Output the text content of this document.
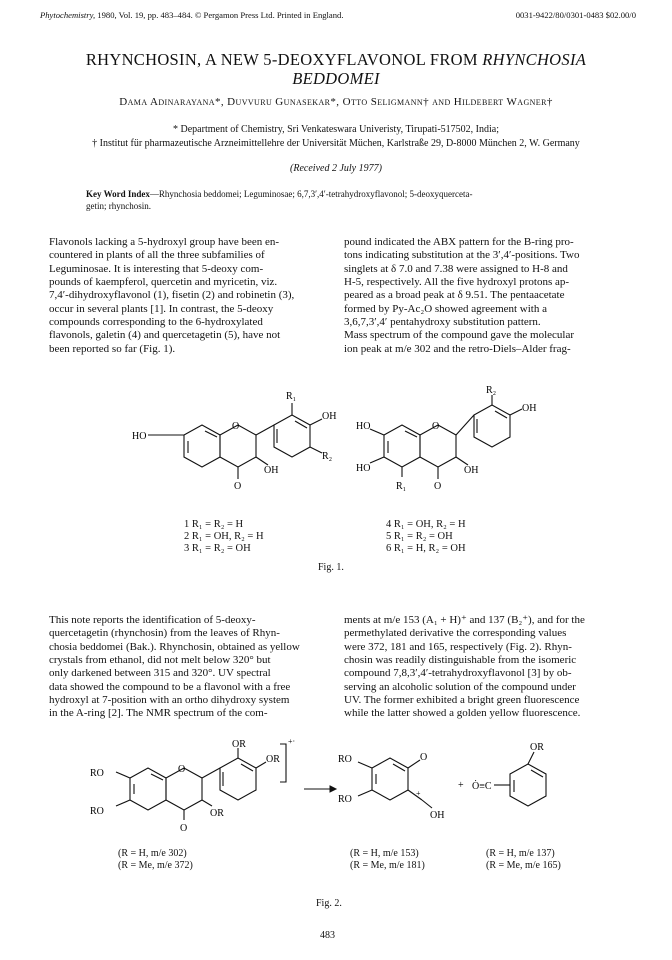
Phytochemistry, 1980, Vol. 19, pp. 483–484. © Pergamon Press Ltd. Printed in England.	0031-9422/80/0301-0483 $02.00/0
RHYNCHOSIN, A NEW 5-DEOXYFLAVONOL FROM RHYNCHOSIA
BEDDOMEI
Dama Adinarayana*, Duvvuru Gunasekar*, Otto Seligmann† and Hildebert Wagner†
* Department of Chemistry, Sri Venkateswara Univeristy, Tirupati-517502, India;
† Institut für pharmazeutische Arzneimittellehre der Universität Müchen, Karlstraße 29, D-8000 München 2, W. Germany
(Received 2 July 1977)
Key Word Index—Rhynchosia beddomei; Leguminosae; 6,7,3′,4′-tetrahydroxyflavonol; 5-deoxyquerceta-
getin; rhynchosin.
Flavonols lacking a 5-hydroxyl group have been en-
countered in plants of all the three subfamilies of
Leguminosae. It is interesting that 5-deoxy com-
pounds of kaempferol, quercetin and myricetin, viz.
7,4′-dihydroxyflavonol (1), fisetin (2) and robinetin (3),
occur in several plants [1]. In contrast, the 5-deoxy
compounds corresponding to the 6-hydroxylated
flavonols, galetin (4) and quercetagetin (5), have not
been reported so far (Fig. 1).
pound indicated the ABX pattern for the B-ring pro-
tons indicating substitution at the 3′,4′-positions. Two
singlets at δ 7.0 and 7.38 were assigned to H-8 and
H-5, respectively. All the five hydroxyl protons ap-
peared as a broad peak at δ 9.51. The pentaacetate
formed by Py-Ac₂O showed agreement with a
3,6,7,3′,4′ pentahydroxy substitution pattern.
Mass spectrum of the compound gave the molecular
ion peak at m/e 302 and the retro-Diels–Alder frag-
HO
O
O
OH
R₁
OH
R₂
HO
HO
O
O
OH
R₁
R₂
OH
1 R₁ = R₂ = H
2 R₁ = OH, R₂ = H
3 R₁ = R₂ = OH
4 R₁ = OH, R₂ = H
5 R₁ = R₂ = OH
6 R₁ = H, R₂ = OH
Fig. 1.
This note reports the identification of 5-deoxy-
quercetagetin (rhynchosin) from the leaves of Rhyn-
chosia beddomei (Bak.). Rhynchosin, obtained as yellow
crystals from ethanol, did not melt below 320° but
only darkened between 315 and 320°. UV spectral
data showed the compound to be a flavonol with a free
hydroxyl at 7-position with an ortho dihydroxy system
in the A-ring [2]. The NMR spectrum of the com-
ments at m/e 153 (A₁ + H)⁺ and 137 (B₂⁺), and for the
permethylated derivative the corresponding values
were 372, 181 and 165, respectively (Fig. 2). Rhyn-
chosin was readily distinguishable from the isomeric
compound 7,8,3′,4′-tetrahydroxyflavonol [3] by ob-
serving an alcoholic solution of the compound under
UV. The former exhibited a bright green fluorescence
while the latter showed a golden yellow fluorescence.
RO
RO
O
O
OR
OR
OR
+·
RO
RO
O
+
OH
+ Ȯ≡C
OR
(R = H, m/e 302)
(R = Me, m/e 372)
(R = H, m/e 153)
(R = Me, m/e 181)
(R = H, m/e 137)
(R = Me, m/e 165)
Fig. 2.
483
